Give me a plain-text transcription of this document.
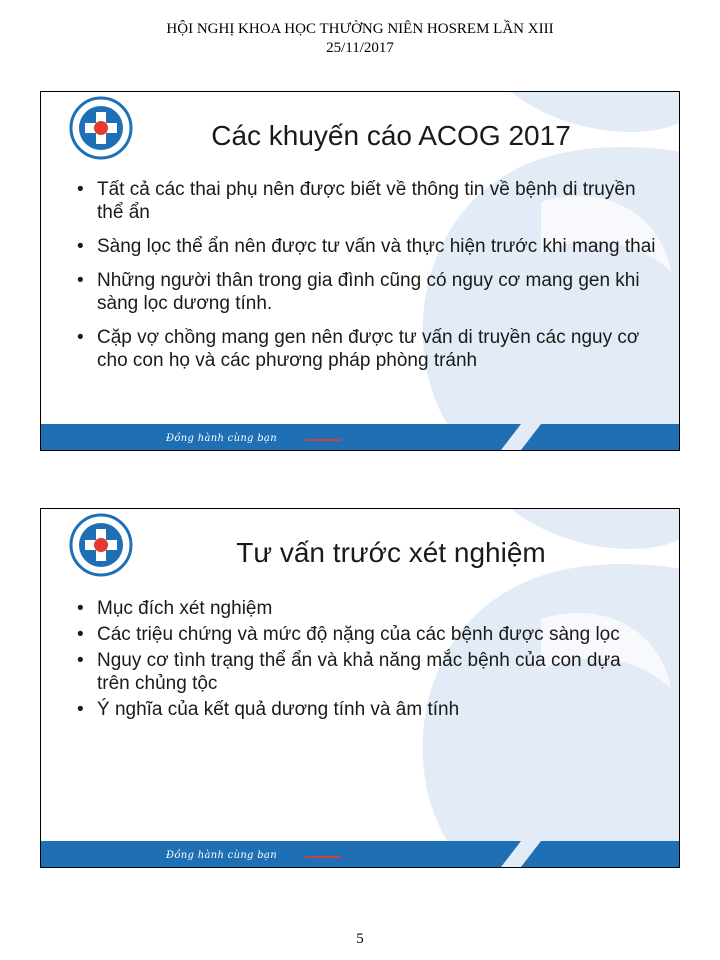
HỘI NGHỊ KHOA HỌC THƯỜNG NIÊN HOSREM LẦN XIII
25/11/2017
Các khuyến cáo ACOG 2017
• Tất cả các thai phụ nên được biết về thông tin về bệnh di truyền thể ẩn
• Sàng lọc thể ẩn nên được tư vấn và thực hiện trước khi mang thai
• Những người thân trong gia đình cũng có nguy cơ mang gen khi sàng lọc dương tính.
• Cặp vợ chồng mang gen nên được tư vấn di truyền các nguy cơ cho con họ và các phương pháp phòng tránh
Đồng hành cùng bạn	▬▬▬▬▬▬
Tư vấn trước xét nghiệm
• Mục đích xét nghiệm
• Các triệu chứng và mức độ nặng của các bệnh được sàng lọc
• Nguy cơ tình trạng thể ẩn và khả năng mắc bệnh của con dựa trên chủng tộc
• Ý nghĩa của kết quả dương tính và âm tính
Đồng hành cùng bạn	▬▬▬▬▬▬
5
